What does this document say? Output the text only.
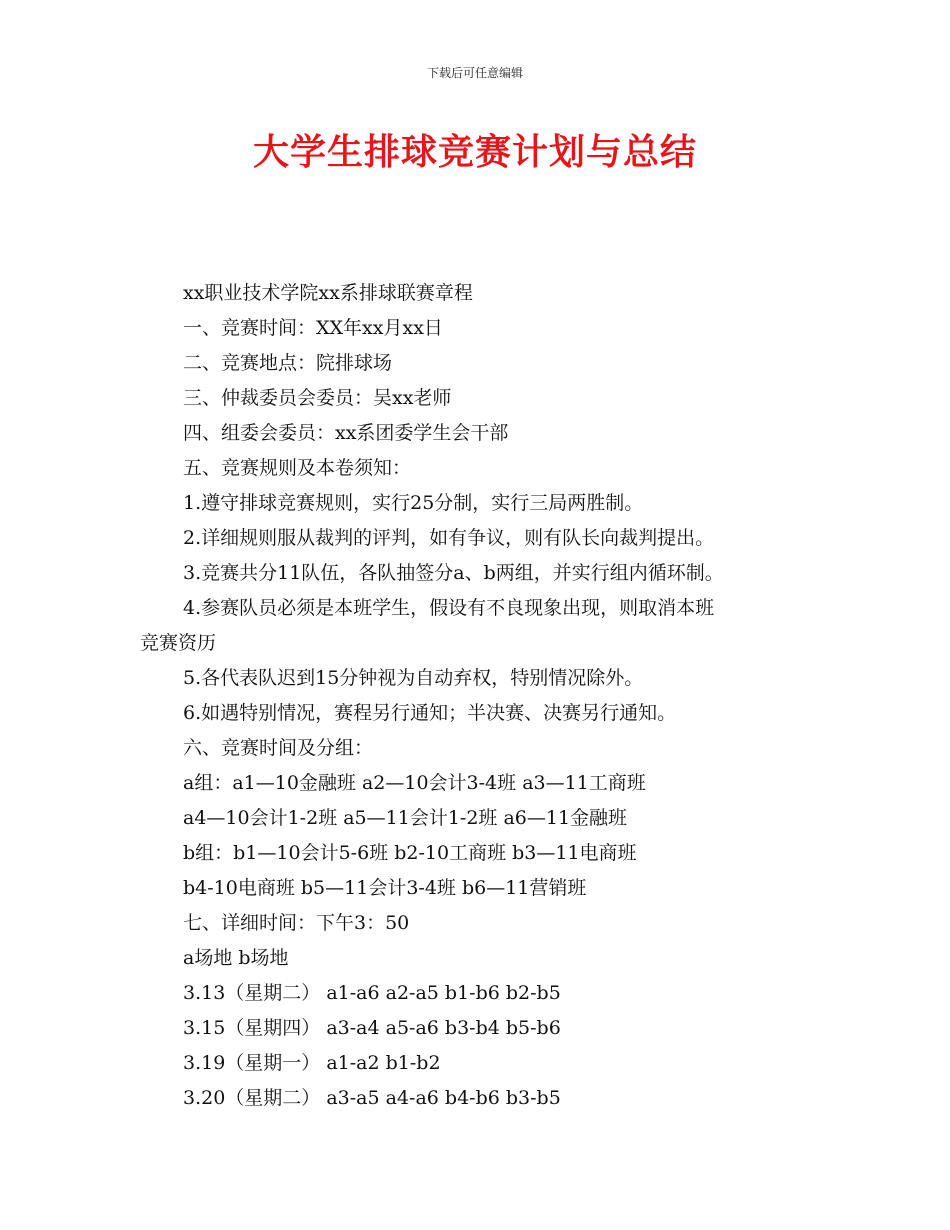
下载后可任意编辑
大学生排球竞赛计划与总结
xx职业技术学院xx系排球联赛章程
一、竞赛时间：XX年xx月xx日
二、竞赛地点：院排球场
三、仲裁委员会委员：吴xx老师
四、组委会委员：xx系团委学生会干部
五、竞赛规则及本卷须知：
1.遵守排球竞赛规则，实行25分制，实行三局两胜制。
2.详细规则服从裁判的评判，如有争议，则有队长向裁判提出。
3.竞赛共分11队伍，各队抽签分a、b两组，并实行组内循环制。
4.参赛队员必须是本班学生，假设有不良现象出现，则取消本班
竞赛资历
5.各代表队迟到15分钟视为自动弃权，特别情况除外。
6.如遇特别情况，赛程另行通知；半决赛、决赛另行通知。
六、竞赛时间及分组：
a组：a1—10金融班 a2—10会计3-4班 a3—11工商班
a4—10会计1-2班 a5—11会计1-2班 a6—11金融班
b组：b1—10会计5-6班 b2-10工商班 b3—11电商班
b4-10电商班 b5—11会计3-4班 b6—11营销班
七、详细时间：下午3：50
a场地 b场地
3.13（星期二） a1-a6 a2-a5 b1-b6 b2-b5
3.15（星期四） a3-a4 a5-a6 b3-b4 b5-b6
3.19（星期一） a1-a2 b1-b2
3.20（星期二） a3-a5 a4-a6 b4-b6 b3-b5
